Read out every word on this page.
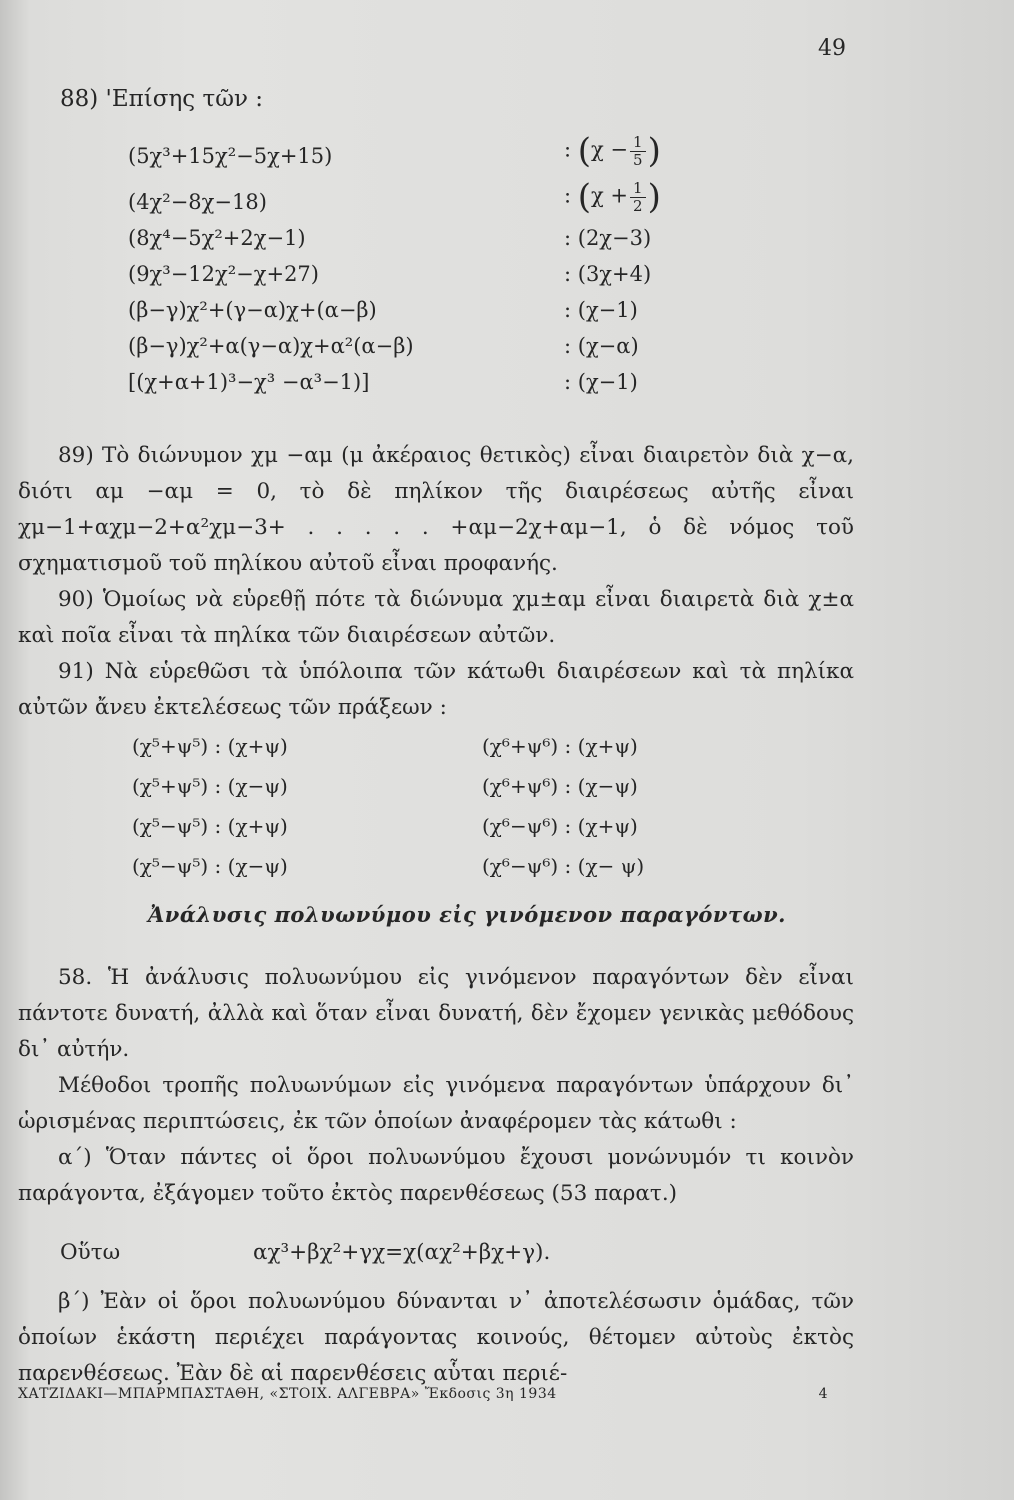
49
88) 'Επίσης τῶν :
(5χ³+15χ²−5χ+15)	: ($\chi - \frac{1}{5}$ )
(4χ²−8χ−18)	: ($\chi + \frac{1}{2}$ )
(8χ⁴−5χ²+2χ−1)	: (2χ−3)
(9χ³−12χ²−χ+27)	: (3χ+4)
(β−γ)χ²+(γ−α)χ+(α−β)	: (χ−1)
(β−γ)χ²+α(γ−α)χ+α²(α−β)	: (χ−α)
[(χ+α+1)³−χ³ −α³−1)]	: (χ−1)

89) Τὸ διώνυμον χμ −αμ (μ ἀκέραιος θετικὸς) εἶναι διαιρετὸν διὰ χ−α, διότι αμ −αμ = 0, τὸ δὲ πηλίκον τῆς διαιρέσεως αὐτῆς εἶναι χμ−1+αχμ−2+α²χμ−3+ . . . . . +αμ−2χ+αμ−1, ὁ δὲ νόμος τοῦ σχηματισμοῦ τοῦ πηλίκου αὐτοῦ εἶναι προφανής.

90) Ὁμοίως νὰ εὑρεθῇ πότε τὰ διώνυμα χμ±αμ εἶναι διαιρετὰ διὰ χ±α καὶ ποῖα εἶναι τὰ πηλίκα τῶν διαιρέσεων αὐτῶν.

91) Νὰ εὑρεθῶσι τὰ ὑπόλοιπα τῶν κάτωθι διαιρέσεων καὶ τὰ πηλίκα αὐτῶν ἄνευ ἐκτελέσεως τῶν πράξεων :

(χ⁵+ψ⁵) : (χ+ψ)	(χ⁶+ψ⁶) : (χ+ψ)
(χ⁵+ψ⁵) : (χ−ψ)	(χ⁶+ψ⁶) : (χ−ψ)
(χ⁵−ψ⁵) : (χ+ψ)	(χ⁶−ψ⁶) : (χ+ψ)
(χ⁵−ψ⁵) : (χ−ψ)	(χ⁶−ψ⁶) : (χ− ψ)
Ἀνάλυσις πολυωνύμου εἰς γινόμενον παραγόντων.

58. Ἡ ἀνάλυσις πολυωνύμου εἰς γινόμενον παραγόντων δὲν εἶναι πάντοτε δυνατή, ἀλλὰ καὶ ὅταν εἶναι δυνατή, δὲν ἔχομεν γενικὰς μεθόδους δι᾽ αὐτήν.

Μέθοδοι τροπῆς πολυωνύμων εἰς γινόμενα παραγόντων ὑπάρχουν δι᾽ ὡρισμένας περιπτώσεις, ἐκ τῶν ὁποίων ἀναφέρομεν τὰς κάτωθι :

α΄) Ὅταν πάντες οἱ ὅροι πολυωνύμου ἔχουσι μονώνυμόν τι κοινὸν παράγοντα, ἐξάγομεν τοῦτο ἐκτὸς παρενθέσεως (53 παρατ.)

Οὕτω	αχ³+βχ²+γχ=χ(αχ²+βχ+γ).

β΄) Ἐὰν οἱ ὅροι πολυωνύμου δύνανται ν᾽ ἀποτελέσωσιν ὁμάδας, τῶν ὁποίων ἑκάστη περιέχει παράγοντας κοινούς, θέτομεν αὐτοὺς ἐκτὸς παρενθέσεως. Ἐὰν δὲ αἱ παρενθέσεις αὗται περιέ-

ΧΑΤΖΙΔΑΚΙ—ΜΠΑΡΜΠΑΣΤΑΘΗ, «ΣΤΟΙΧ. ΑΛΓΕΒΡΑ» Ἔκδοσις 3η 1934	4
